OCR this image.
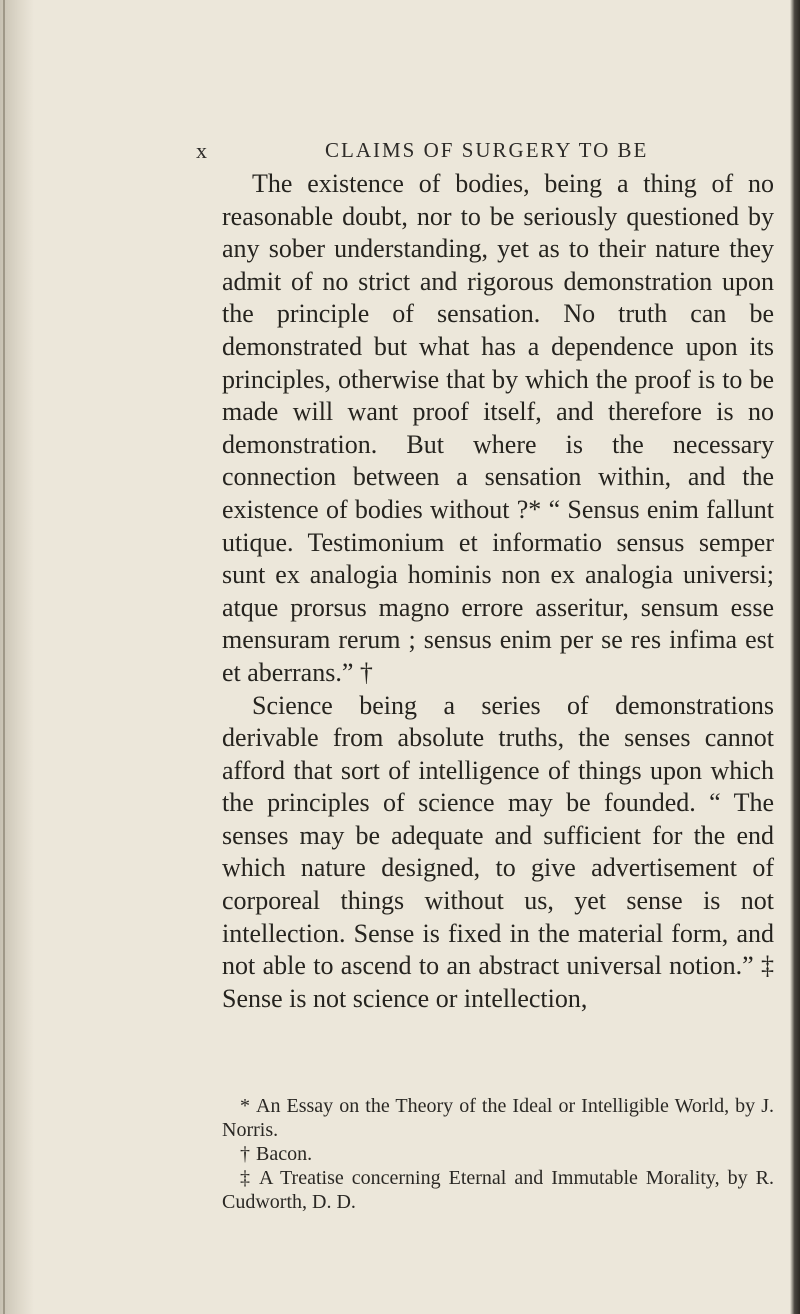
x	CLAIMS OF SURGERY TO BE

The existence of bodies, being a thing of no reasonable doubt, nor to be seriously questioned by any sober understanding, yet as to their nature they admit of no strict and rigorous demonstration upon the principle of sensation. No truth can be demonstrated but what has a dependence upon its principles, otherwise that by which the proof is to be made will want proof itself, and therefore is no demonstration. But where is the necessary connection between a sensation within, and the existence of bodies without ?* “ Sensus enim fallunt utique. Testimonium et informatio sensus semper sunt ex analogia hominis non ex analogia universi; atque prorsus magno errore asseritur, sensum esse mensuram rerum ; sensus enim per se res infima est et aberrans.” †

Science being a series of demonstrations derivable from absolute truths, the senses cannot afford that sort of intelligence of things upon which the principles of science may be founded. “ The senses may be adequate and sufficient for the end which nature designed, to give advertisement of corporeal things without us, yet sense is not intellection. Sense is fixed in the material form, and not able to ascend to an abstract universal notion.” ‡ Sense is not science or intellection,

* An Essay on the Theory of the Ideal or Intelligible World, by J. Norris.

† Bacon.

‡ A Treatise concerning Eternal and Immutable Morality, by R. Cudworth, D. D.
